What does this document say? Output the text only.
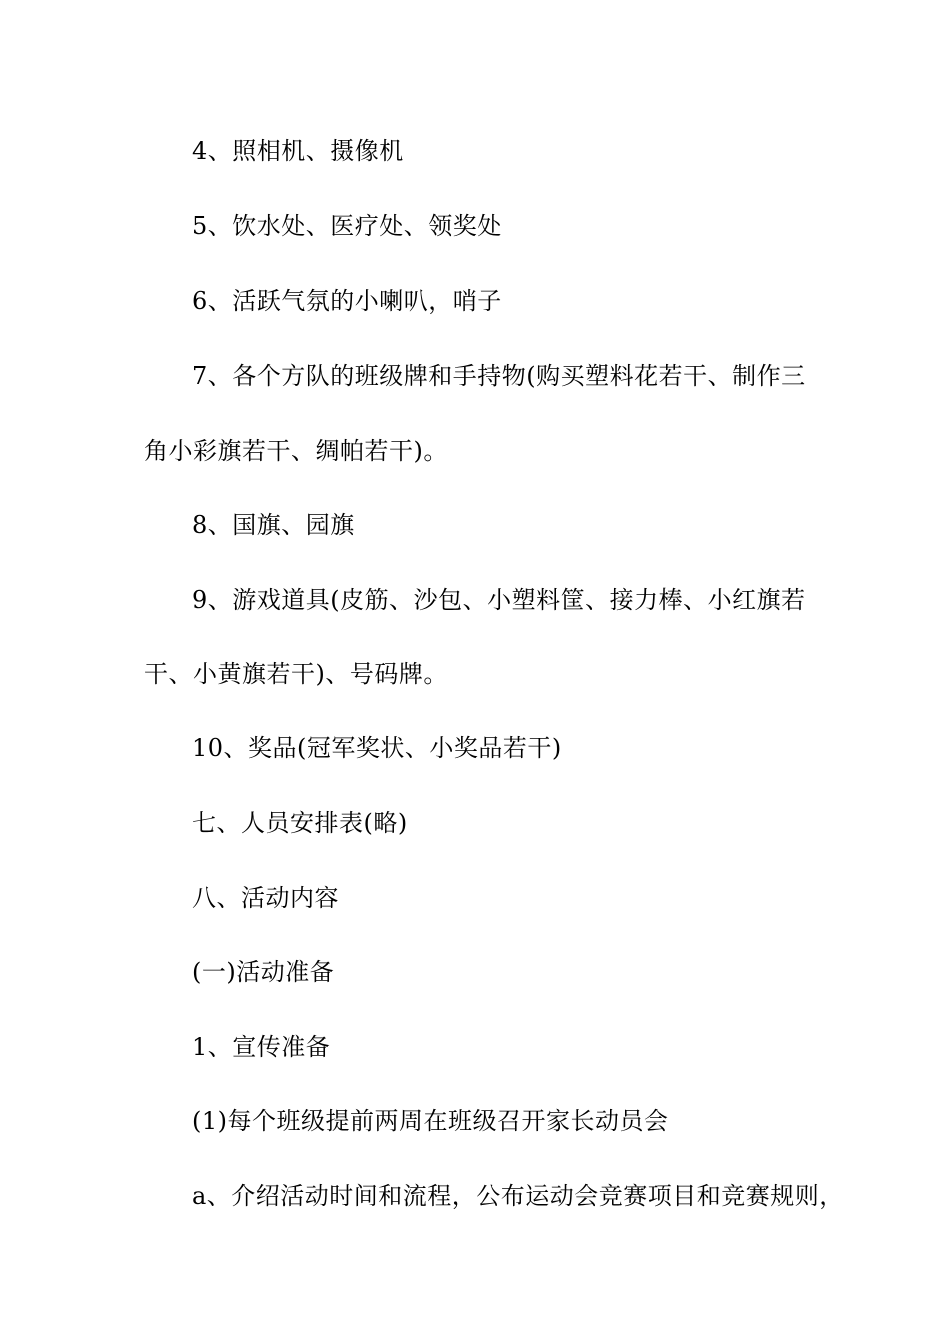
4、照相机、摄像机
5、饮水处、医疗处、领奖处
6、活跃气氛的小喇叭，哨子
7、各个方队的班级牌和手持物(购买塑料花若干、制作三
角小彩旗若干、绸帕若干)。
8、国旗、园旗
9、游戏道具(皮筋、沙包、小塑料筐、接力棒、小红旗若
干、小黄旗若干)、号码牌。
10、奖品(冠军奖状、小奖品若干)
七、人员安排表(略)
八、活动内容
(一)活动准备
1、宣传准备
(1)每个班级提前两周在班级召开家长动员会
a、介绍活动时间和流程，公布运动会竞赛项目和竞赛规则，
